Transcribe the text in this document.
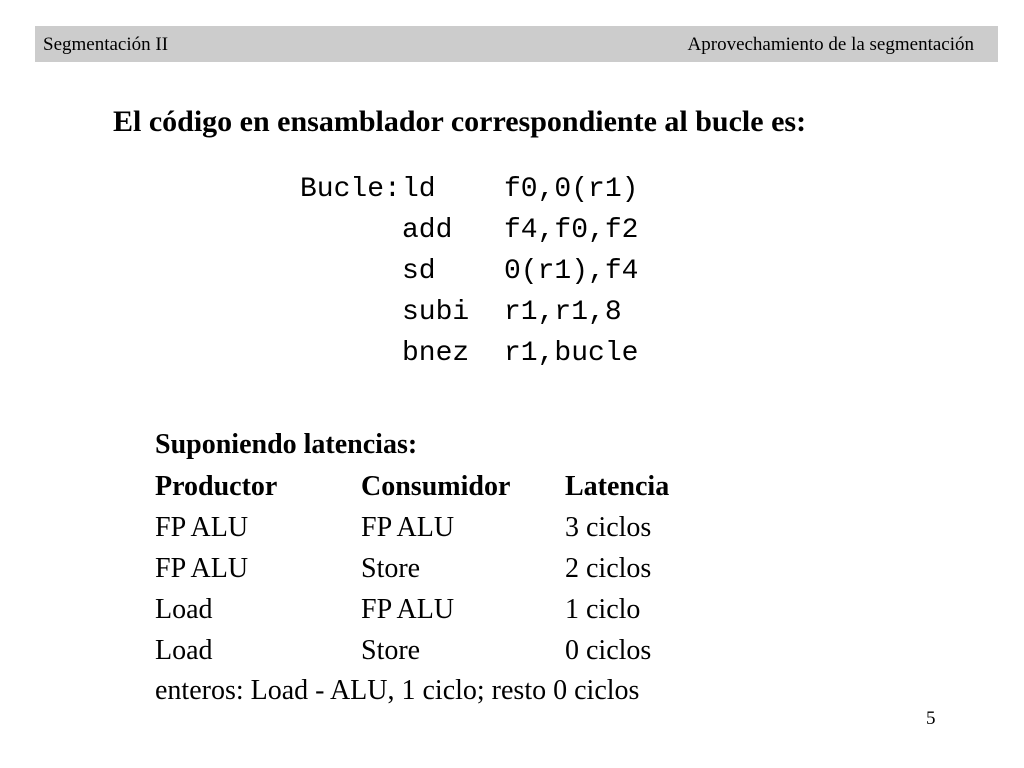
Segmentación II	Aprovechamiento de la segmentación
El código en ensamblador correspondiente al bucle es:
Bucle: ld	f0,0(r1)
add	f4,f0,f2
sd	0(r1),f4
subi	r1,r1,8
bnez	r1,bucle
Suponiendo latencias:
Productor	Consumidor	Latencia
FP ALU	FP ALU	3 ciclos
FP ALU	Store	2 ciclos
Load	FP ALU	1 ciclo
Load	Store	0 ciclos
enteros: Load - ALU, 1 ciclo; resto 0 ciclos
5
